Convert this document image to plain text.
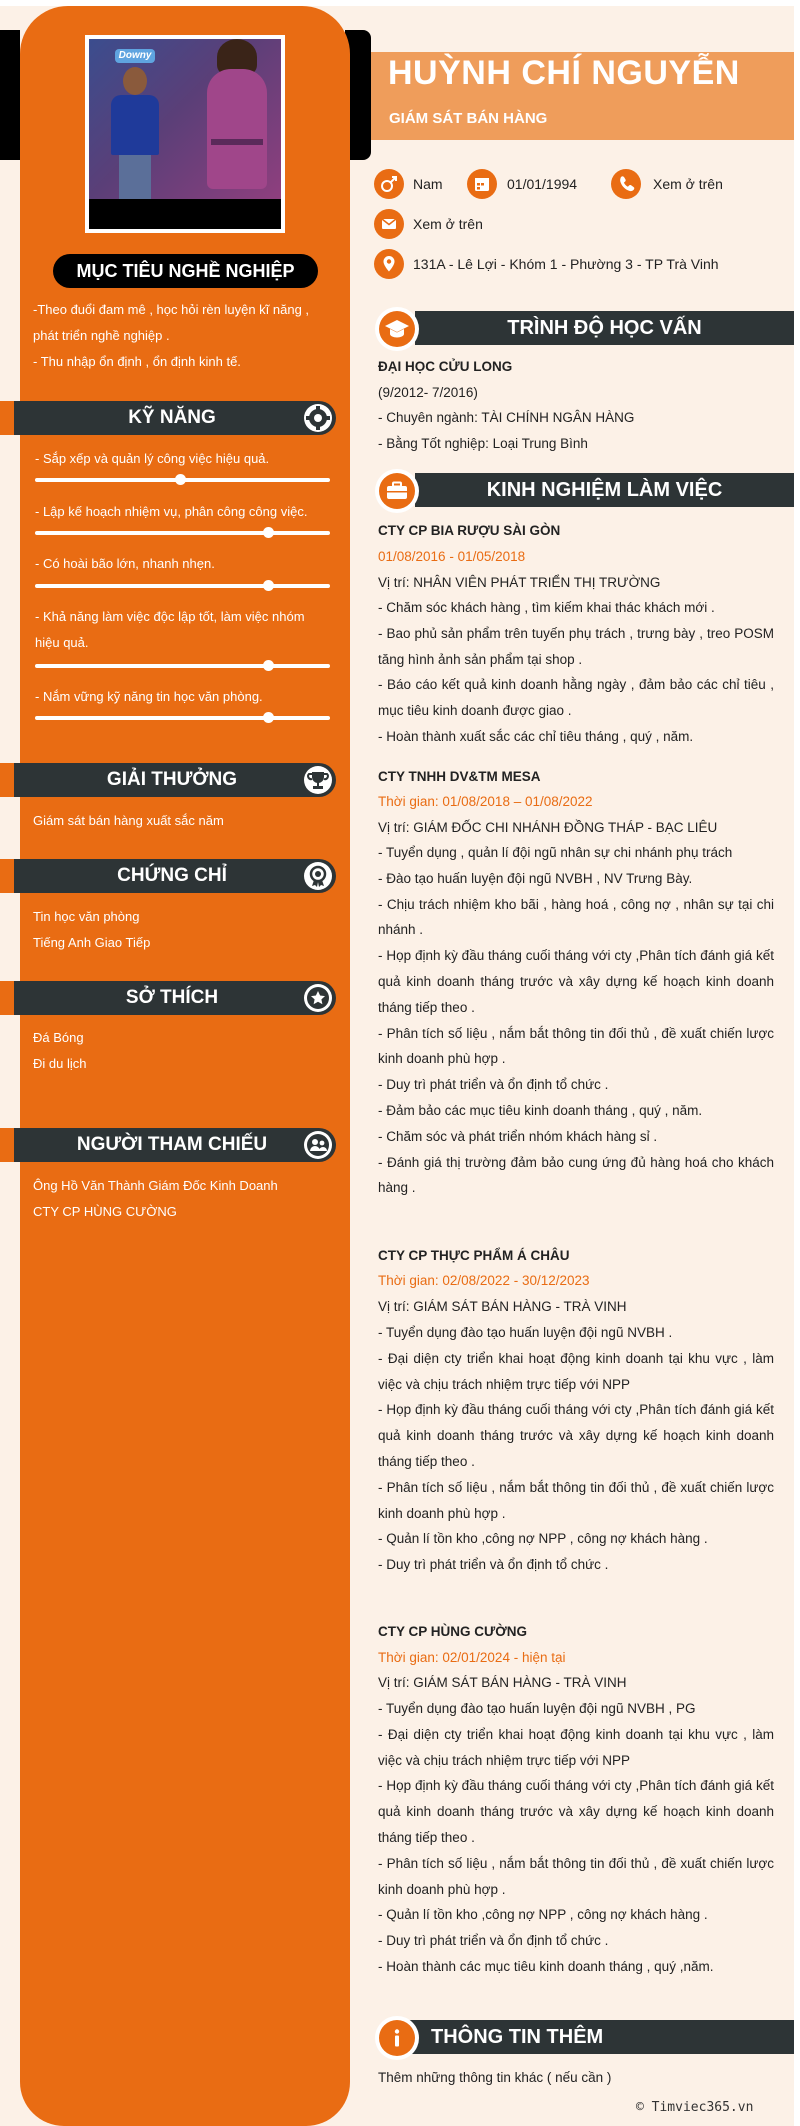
Downy
MỤC TIÊU NGHỀ NGHIỆP
-Theo đuổi đam mê , học hỏi rèn luyện kĩ năng ,
phát triển nghề nghiệp .
- Thu nhập ổn định , ổn định kinh tế.
KỸ NĂNG
- Sắp xếp và quản lý công việc hiệu quả.
- Lập kế hoạch nhiệm vụ, phân công công việc.
- Có hoài bão lớn, nhanh nhẹn.
- Khả năng làm việc độc lập tốt, làm việc nhóm hiệu quả.
- Nắm vững kỹ năng tin học văn phòng.
GIẢI THƯỞNG
Giám sát bán hàng xuất sắc năm
CHỨNG CHỈ
Tin học văn phòng
Tiếng Anh Giao Tiếp
SỞ THÍCH
Đá Bóng
Đi du lịch
NGƯỜI THAM CHIẾU
Ông Hồ Văn Thành Giám Đốc Kinh Doanh
CTY CP HÙNG CƯỜNG
HUỲNH CHÍ NGUYỄN
GIÁM SÁT BÁN HÀNG
Nam	01/01/1994	Xem ở trên
Xem ở trên
131A - Lê Lợi - Khóm 1 - Phường 3 - TP Trà Vinh
TRÌNH ĐỘ HỌC VẤN
ĐẠI HỌC CỬU LONG
(9/2012- 7/2016)
- Chuyên ngành: TÀI CHÍNH NGÂN HÀNG
- Bằng Tốt nghiệp: Loại Trung Bình
KINH NGHIỆM LÀM VIỆC
CTY CP BIA RƯỢU SÀI GÒN
01/08/2016 - 01/05/2018
Vị trí: NHÂN VIÊN PHÁT TRIỂN THỊ TRƯỜNG
- Chăm sóc khách hàng , tìm kiếm khai thác khách mới .
- Bao phủ sản phẩm trên tuyến phụ trách , trưng bày , treo POSM tăng hình ảnh sản phẩm tại shop .
- Báo cáo kết quả kinh doanh hằng ngày , đảm bảo các chỉ tiêu , mục tiêu kinh doanh được giao .
- Hoàn thành xuất sắc các chỉ tiêu tháng , quý , năm.
CTY TNHH DV&TM MESA
Thời gian: 01/08/2018 – 01/08/2022
Vị trí: GIÁM ĐỐC CHI NHÁNH ĐỒNG THÁP - BẠC LIÊU
- Tuyển dụng , quản lí đội ngũ nhân sự chi nhánh phụ trách
- Đào tạo huấn luyện đội ngũ NVBH , NV Trưng Bày.
- Chịu trách nhiệm kho bãi , hàng hoá , công nợ , nhân sự tại chi nhánh .
- Họp định kỳ đầu tháng cuối tháng với cty ,Phân tích đánh giá kết quả kinh doanh tháng trước và xây dựng kế hoạch kinh doanh tháng tiếp theo .
- Phân tích số liệu , nắm bắt thông tin đối thủ , đề xuất chiến lược kinh doanh phù hợp .
- Duy trì phát triển và ổn định tổ chức .
- Đảm bảo các mục tiêu kinh doanh tháng , quý , năm.
- Chăm sóc và phát triển nhóm khách hàng sỉ .
- Đánh giá thị trường đảm bảo cung ứng đủ hàng hoá cho khách hàng .
CTY CP THỰC PHẨM Á CHÂU
Thời gian: 02/08/2022 - 30/12/2023
Vị trí: GIÁM SÁT BÁN HÀNG - TRÀ VINH
- Tuyển dụng đào tạo huấn luyện đội ngũ NVBH .
- Đại diện cty triển khai hoạt động kinh doanh tại khu vực , làm việc và chịu trách nhiệm trực tiếp với NPP
- Họp định kỳ đầu tháng cuối tháng với cty ,Phân tích đánh giá kết quả kinh doanh tháng trước và xây dựng kế hoạch kinh doanh tháng tiếp theo .
- Phân tích số liệu , nắm bắt thông tin đối thủ , đề xuất chiến lược kinh doanh phù hợp .
- Quản lí tồn kho ,công nợ NPP , công nợ khách hàng .
- Duy trì phát triển và ổn định tổ chức .
CTY CP HÙNG CƯỜNG
Thời gian: 02/01/2024 - hiện tại
Vị trí: GIÁM SÁT BÁN HÀNG - TRÀ VINH
- Tuyển dụng đào tạo huấn luyện đội ngũ NVBH , PG
- Đại diện cty triển khai hoạt động kinh doanh tại khu vực , làm việc và chịu trách nhiệm trực tiếp với NPP
- Họp định kỳ đầu tháng cuối tháng với cty ,Phân tích đánh giá kết quả kinh doanh tháng trước và xây dựng kế hoạch kinh doanh tháng tiếp theo .
- Phân tích số liệu , nắm bắt thông tin đối thủ , đề xuất chiến lược kinh doanh phù hợp .
- Quản lí tồn kho ,công nợ NPP , công nợ khách hàng .
- Duy trì phát triển và ổn định tổ chức .
- Hoàn thành các mục tiêu kinh doanh tháng , quý ,năm.
THÔNG TIN THÊM
Thêm những thông tin khác ( nếu cần )
© Timviec365.vn
